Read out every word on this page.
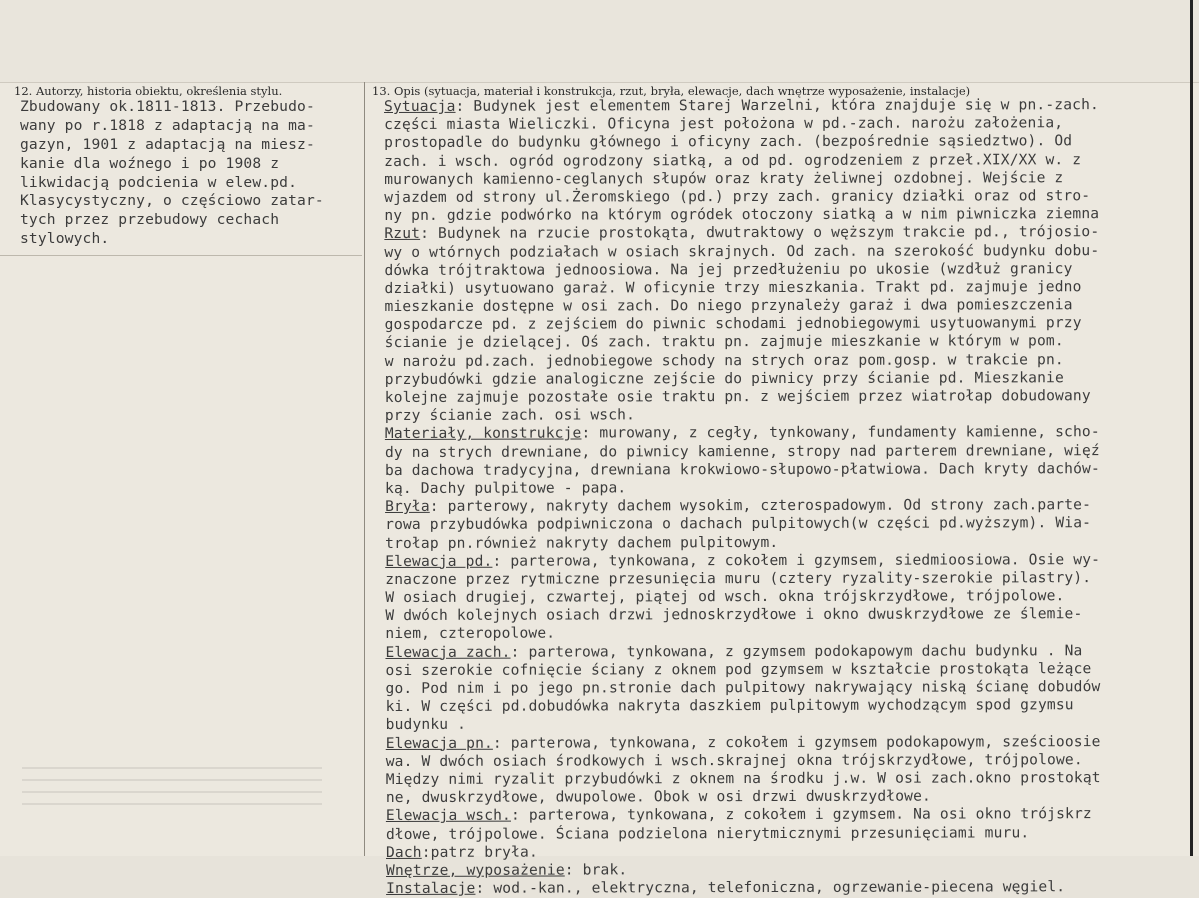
12. Autorzy, historia obiektu, określenia stylu.	13. Opis (sytuacja, materiał i konstrukcja, rzut, bryła, elewacje, dach wnętrze wyposażenie, instalacje)
Zbudowany ok.1811-1813. Przebudo-
wany po r.1818 z adaptacją na ma-
gazyn, 1901 z adaptacją na miesz-
kanie dla woźnego i po 1908 z
likwidacją podcienia w elew.pd.
Klasycystyczny, o częściowo zatar-
tych przez przebudowy cechach
stylowych.
Sytuacja: Budynek jest elementem Starej Warzelni, która znajduje się w pn.-zach.
części miasta Wieliczki. Oficyna jest położona w pd.-zach. narożu założenia,
prostopadle do budynku głównego i oficyny zach. (bezpośrednie sąsiedztwo). Od
zach. i wsch. ogród ogrodzony siatką, a od pd. ogrodzeniem z przeł.XIX/XX w. z
murowanych kamienno-ceglanych słupów oraz kraty żeliwnej ozdobnej. Wejście z
wjazdem od strony ul.Żeromskiego (pd.) przy zach. granicy działki oraz od stro-
ny pn. gdzie podwórko na którym ogródek otoczony siatką a w nim piwniczka ziemna
Rzut: Budynek na rzucie prostokąta, dwutraktowy o węższym trakcie pd., trójosio-
wy o wtórnych podziałach w osiach skrajnych. Od zach. na szerokość budynku dobu-
dówka trójtraktowa jednoosiowa. Na jej przedłużeniu po ukosie (wzdłuż granicy
działki) usytuowano garaż. W oficynie trzy mieszkania. Trakt pd. zajmuje jedno
mieszkanie dostępne w osi zach. Do niego przynależy garaż i dwa pomieszczenia
gospodarcze pd. z zejściem do piwnic schodami jednobiegowymi usytuowanymi przy
ścianie je dzielącej. Oś zach. traktu pn. zajmuje mieszkanie w którym w pom.
w narożu pd.zach. jednobiegowe schody na strych oraz pom.gosp. w trakcie pn.
przybudówki gdzie analogiczne zejście do piwnicy przy ścianie pd. Mieszkanie
kolejne zajmuje pozostałe osie traktu pn. z wejściem przez wiatrołap dobudowany
przy ścianie zach. osi wsch.
Materiały, konstrukcje: murowany, z cegły, tynkowany, fundamenty kamienne, scho-
dy na strych drewniane, do piwnicy kamienne, stropy nad parterem drewniane, więź
ba dachowa tradycyjna, drewniana krokwiowo-słupowo-płatwiowa. Dach kryty dachów-
ką. Dachy pulpitowe - papa.
Bryła: parterowy, nakryty dachem wysokim, czterospadowym. Od strony zach.parte-
rowa przybudówka podpiwniczona o dachach pulpitowych(w części pd.wyższym). Wia-
trołap pn.również nakryty dachem pulpitowym.
Elewacja pd.: parterowa, tynkowana, z cokołem i gzymsem, siedmioosiowa. Osie wy-
znaczone przez rytmiczne przesunięcia muru (cztery ryzality-szerokie pilastry).
W osiach drugiej, czwartej, piątej od wsch. okna trójskrzydłowe, trójpolowe.
W dwóch kolejnych osiach drzwi jednoskrzydłowe i okno dwuskrzydłowe ze ślemie-
niem, czteropolowe.
Elewacja zach.: parterowa, tynkowana, z gzymsem podokapowym dachu budynku . Na
osi szerokie cofnięcie ściany z oknem pod gzymsem w kształcie prostokąta leżące
go. Pod nim i po jego pn.stronie dach pulpitowy nakrywający niską ścianę dobudów
ki. W części pd.dobudówka nakryta daszkiem pulpitowym wychodzącym spod gzymsu
budynku .
Elewacja pn.: parterowa, tynkowana, z cokołem i gzymsem podokapowym, sześcioosie
wa. W dwóch osiach środkowych i wsch.skrajnej okna trójskrzydłowe, trójpolowe.
Między nimi ryzalit przybudówki z oknem na środku j.w. W osi zach.okno prostokąt
ne, dwuskrzydłowe, dwupolowe. Obok w osi drzwi dwuskrzydłowe.
Elewacja wsch.: parterowa, tynkowana, z cokołem i gzymsem. Na osi okno trójskrz
dłowe, trójpolowe. Ściana podzielona nierytmicznymi przesunięciami muru.
Dach:patrz bryła.
Wnętrze, wyposażenie: brak.
Instalacje: wod.-kan., elektryczna, telefoniczna, ogrzewanie-piecena węgiel.
